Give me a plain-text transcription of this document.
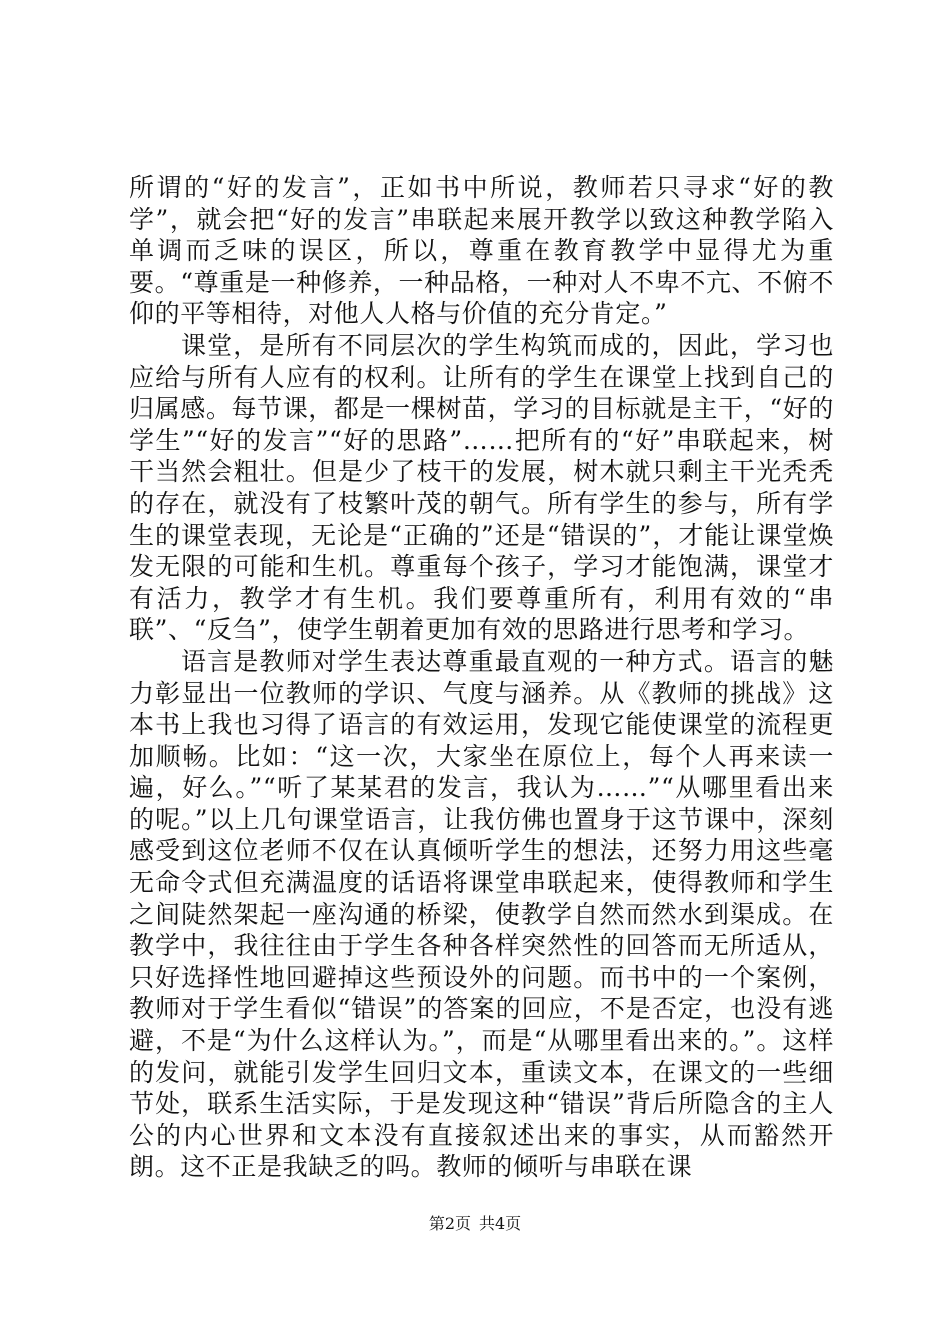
所谓的“好的发言”，正如书中所说，教师若只寻求“好的教学”，就会把“好的发言”串联起来展开教学以致这种教学陷入单调而乏味的误区，所以，尊重在教育教学中显得尤为重要。“尊重是一种修养，一种品格，一种对人不卑不亢、不俯不仰的平等相待，对他人人格与价值的充分肯定。”

课堂，是所有不同层次的学生构筑而成的，因此，学习也应给与所有人应有的权利。让所有的学生在课堂上找到自己的归属感。每节课，都是一棵树苗，学习的目标就是主干，“好的学生”“好的发言”“好的思路”……把所有的“好”串联起来，树干当然会粗壮。但是少了枝干的发展，树木就只剩主干光秃秃的存在，就没有了枝繁叶茂的朝气。所有学生的参与，所有学生的课堂表现，无论是“正确的”还是“错误的”，才能让课堂焕发无限的可能和生机。尊重每个孩子，学习才能饱满，课堂才有活力，教学才有生机。我们要尊重所有，利用有效的“串联”、“反刍”，使学生朝着更加有效的思路进行思考和学习。

语言是教师对学生表达尊重最直观的一种方式。语言的魅力彰显出一位教师的学识、气度与涵养。从《教师的挑战》这本书上我也习得了语言的有效运用，发现它能使课堂的流程更加顺畅。比如：“这一次，大家坐在原位上，每个人再来读一遍，好么。”“听了某某君的发言，我认为……”“从哪里看出来的呢。”以上几句课堂语言，让我仿佛也置身于这节课中，深刻感受到这位老师不仅在认真倾听学生的想法，还努力用这些毫无命令式但充满温度的话语将课堂串联起来，使得教师和学生之间陡然架起一座沟通的桥梁，使教学自然而然水到渠成。在教学中，我往往由于学生各种各样突然性的回答而无所适从，只好选择性地回避掉这些预设外的问题。而书中的一个案例，教师对于学生看似“错误”的答案的回应，不是否定，也没有逃避，不是“为什么这样认为。”，而是“从哪里看出来的。”。这样的发问，就能引发学生回归文本，重读文本，在课文的一些细节处，联系生活实际，于是发现这种“错误”背后所隐含的主人公的内心世界和文本没有直接叙述出来的事实，从而豁然开朗。这不正是我缺乏的吗。教师的倾听与串联在课

第2页 共4页
